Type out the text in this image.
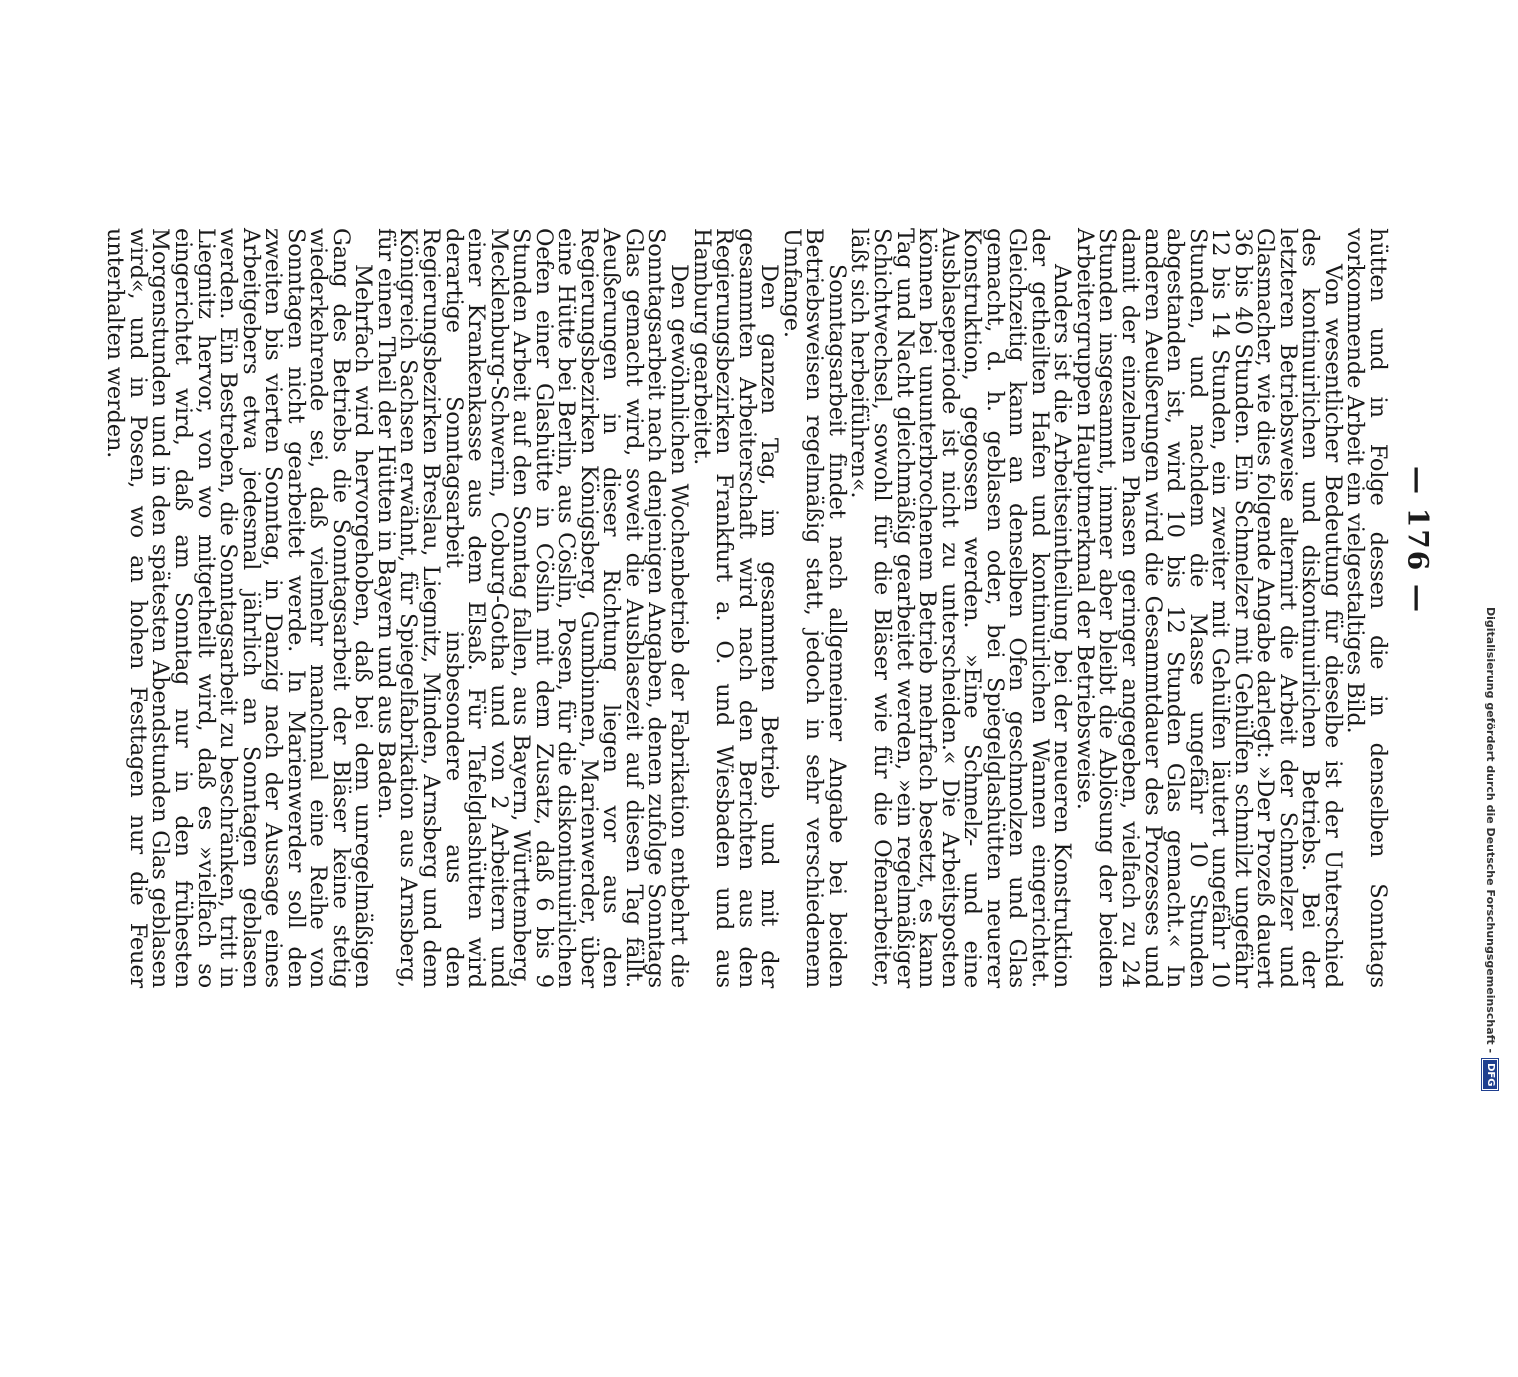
— 176 —

hütten und in Folge dessen die in denselben Sonntags vorkommende Arbeit ein vielgestaltiges Bild.

Von wesentlicher Bedeutung für dieselbe ist der Unterschied des kontinuirlichen und diskontinuirlichen Betriebs. Bei der letzteren Betriebsweise alternirt die Arbeit der Schmelzer und Glasmacher, wie dies folgende Angabe darlegt: »Der Prozeß dauert 36 bis 40 Stunden. Ein Schmelzer mit Gehülfen schmilzt ungefähr 12 bis 14 Stunden, ein zweiter mit Gehülfen läutert ungefähr 10 Stunden, und nachdem die Masse ungefähr 10 Stunden abgestanden ist, wird 10 bis 12 Stunden Glas gemacht.« In anderen Aeußerungen wird die Gesammtdauer des Prozesses und damit der einzelnen Phasen geringer angegeben, vielfach zu 24 Stunden insgesammt, immer aber bleibt die Ablösung der beiden Arbeitergruppen Hauptmerkmal der Betriebsweise.

Anders ist die Arbeitseintheilung bei der neueren Konstruktion der getheilten Hafen und kontinuirlichen Wannen eingerichtet. Gleichzeitig kann an denselben Ofen geschmolzen und Glas gemacht, d. h. geblasen oder, bei Spiegelglashütten neuerer Konstruktion, gegossen werden. »Eine Schmelz- und eine Ausblaseperiode ist nicht zu unterscheiden.« Die Arbeitsposten können bei ununterbrochenem Betrieb mehrfach besetzt, es kann Tag und Nacht gleichmäßig gearbeitet werden, »ein regelmäßiger Schichtwechsel, sowohl für die Bläser wie für die Ofenarbeiter, läßt sich herbeiführen«.

Sonntagsarbeit findet nach allgemeiner Angabe bei beiden Betriebsweisen regelmäßig statt, jedoch in sehr verschiedenem Umfange.

Den ganzen Tag, im gesammten Betrieb und mit der gesammten Arbeiterschaft wird nach den Berichten aus den Regierungsbezirken Frankfurt a. O. und Wiesbaden und aus Hamburg gearbeitet.

Den gewöhnlichen Wochenbetrieb der Fabrikation entbehrt die Sonntagsarbeit nach denjenigen Angaben, denen zufolge Sonntags Glas gemacht wird, soweit die Ausblasezeit auf diesen Tag fällt. Aeußerungen in dieser Richtung liegen vor aus den Regierungsbezirken Königsberg, Gumbinnen, Marienwerder, über eine Hütte bei Berlin, aus Cöslin, Posen, für die diskontinuirlichen Oefen einer Glashütte in Cöslin mit dem Zusatz, daß 6 bis 9 Stunden Arbeit auf den Sonntag fallen, aus Bayern, Württemberg, Mecklenburg-Schwerin, Coburg-Gotha und von 2 Arbeitern und einer Krankenkasse aus dem Elsaß. Für Tafelglashütten wird derartige Sonntagsarbeit insbesondere aus den Regierungsbezirken Breslau, Liegnitz, Minden, Arnsberg und dem Königreich Sachsen erwähnt, für Spiegelfabrikation aus Arnsberg, für einen Theil der Hütten in Bayern und aus Baden.

Mehrfach wird hervorgehoben, daß bei dem unregelmäßigen Gang des Betriebs die Sonntagsarbeit der Bläser keine stetig wiederkehrende sei, daß vielmehr manchmal eine Reihe von Sonntagen nicht gearbeitet werde. In Marienwerder soll den zweiten bis vierten Sonntag, in Danzig nach der Aussage eines Arbeitgebers etwa jedesmal jährlich an Sonntagen geblasen werden. Ein Bestreben, die Sonntagsarbeit zu beschränken, tritt in Liegnitz hervor, von wo mitgetheilt wird, daß es »vielfach so eingerichtet wird, daß am Sonntag nur in den frühesten Morgenstunden und in den spätesten Abendstunden Glas geblasen wird«, und in Posen, wo an hohen Festtagen nur die Feuer unterhalten werden.

Digitalisierung gefördert durch die Deutsche Forschungsgemeinschaft -DFG
